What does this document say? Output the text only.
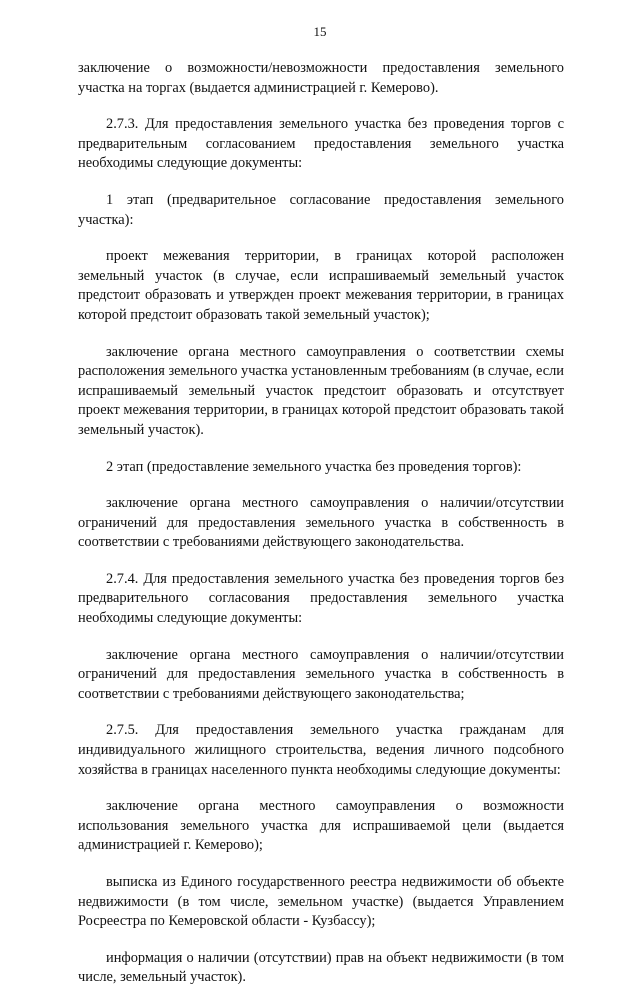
15

заключение о возможности/невозможности предоставления земельного участка на торгах (выдается администрацией г. Кемерово).

2.7.3. Для предоставления земельного участка без проведения торгов с предварительным согласованием предоставления земельного участка необходимы следующие документы:

1 этап (предварительное согласование предоставления земельного участка):

проект межевания территории, в границах которой расположен земельный участок (в случае, если испрашиваемый земельный участок предстоит образовать и утвержден проект межевания территории, в границах которой предстоит образовать такой земельный участок);

заключение органа местного самоуправления о соответствии схемы расположения земельного участка установленным требованиям (в случае, если испрашиваемый земельный участок предстоит образовать и отсутствует проект межевания территории, в границах которой предстоит образовать такой земельный участок).

2 этап (предоставление земельного участка без проведения торгов):

заключение органа местного самоуправления о наличии/отсутствии ограничений для предоставления земельного участка в собственность в соответствии с требованиями действующего законодательства.

2.7.4. Для предоставления земельного участка без проведения торгов без предварительного согласования предоставления земельного участка необходимы следующие документы:

заключение органа местного самоуправления о наличии/отсутствии ограничений для предоставления земельного участка в собственность в соответствии с требованиями действующего законодательства;

2.7.5. Для предоставления земельного участка гражданам для индивидуального жилищного строительства, ведения личного подсобного хозяйства в границах населенного пункта необходимы следующие документы:

заключение органа местного самоуправления о возможности использования земельного участка для испрашиваемой цели (выдается администрацией г. Кемерово);

выписка из Единого государственного реестра недвижимости об объекте недвижимости (в том числе, земельном участке) (выдается Управлением Росреестра по Кемеровской области - Кузбассу);

информация о наличии (отсутствии) прав на объект недвижимости (в том числе, земельный участок).
